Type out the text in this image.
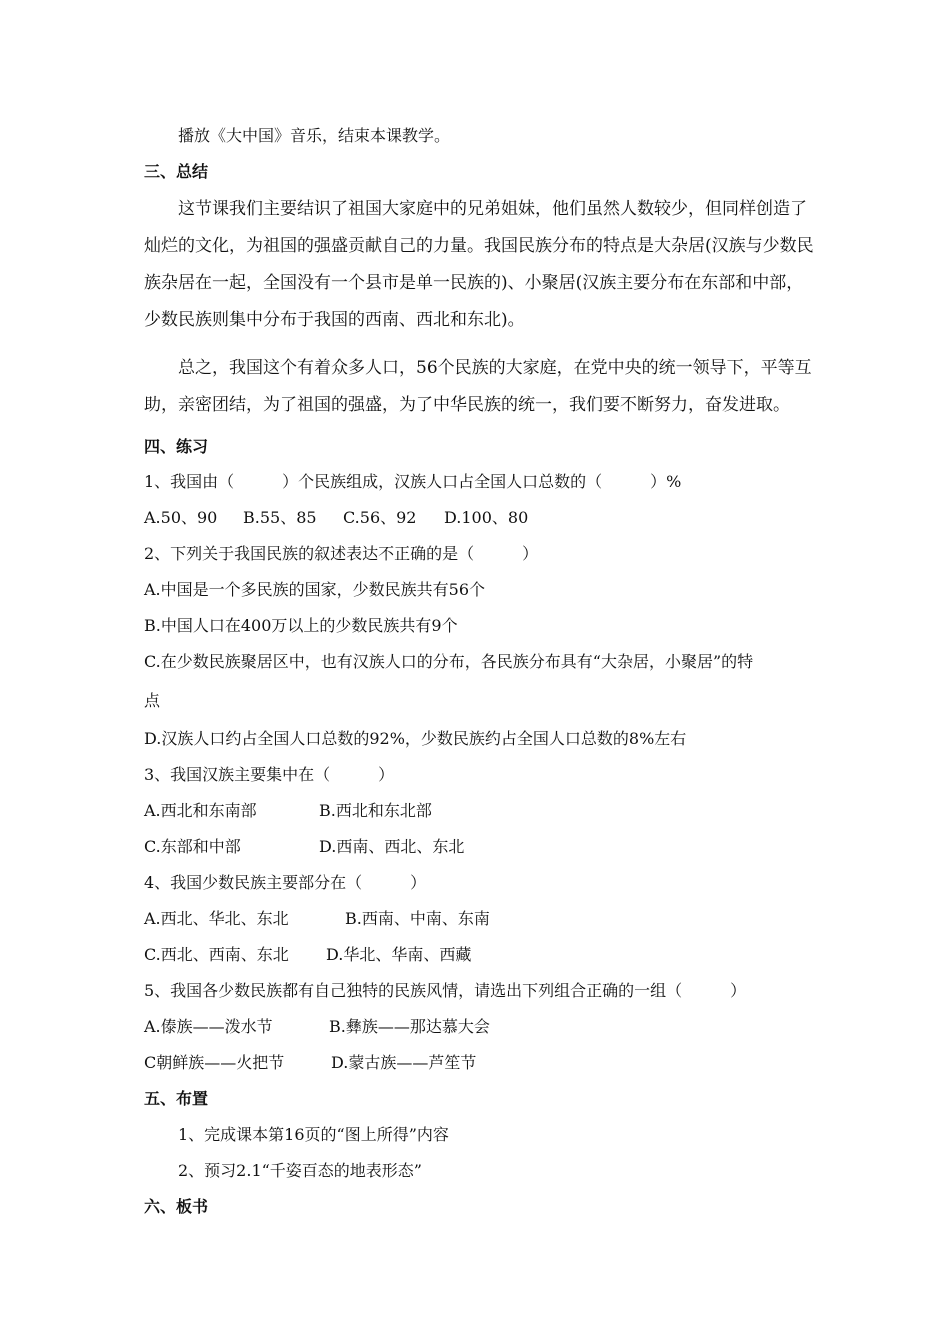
播放《大中国》音乐，结束本课教学。
三、总结
这节课我们主要结识了祖国大家庭中的兄弟姐妹，他们虽然人数较少，但同样创造了
灿烂的文化，为祖国的强盛贡献自己的力量。我国民族分布的特点是大杂居(汉族与少数民
族杂居在一起，全国没有一个县市是单一民族的)、小聚居(汉族主要分布在东部和中部，
少数民族则集中分布于我国的西南、西北和东北)。
总之，我国这个有着众多人口，56个民族的大家庭，在党中央的统一领导下，平等互
助，亲密团结，为了祖国的强盛，为了中华民族的统一，我们要不断努力，奋发进取。
四、练习
1、我国由（　　　）个民族组成，汉族人口占全国人口总数的（　　　）%
A.50、90 B.55、85 C.56、92 D.100、80
2、下列关于我国民族的叙述表达不正确的是（　　　）
A.中国是一个多民族的国家，少数民族共有56个
B.中国人口在400万以上的少数民族共有9个
C.在少数民族聚居区中，也有汉族人口的分布，各民族分布具有“大杂居，小聚居”的特
点
D.汉族人口约占全国人口总数的92%，少数民族约占全国人口总数的8%左右
3、我国汉族主要集中在（　　　）
A.西北和东南部	B.西北和东北部
C.东部和中部	D.西南、西北、东北
4、我国少数民族主要部分在（　　　）
A.西北、华北、东北	B.西南、中南、东南
C.西北、西南、东北 D.华北、华南、西藏
5、我国各少数民族都有自己独特的民族风情，请选出下列组合正确的一组（　　　）
A.傣族——泼水节	B.彝族——那达慕大会
C朝鲜族——火把节	D.蒙古族——芦笙节
五、布置
1、完成课本第16页的“图上所得”内容
2、预习2.1“千姿百态的地表形态”
六、板书
